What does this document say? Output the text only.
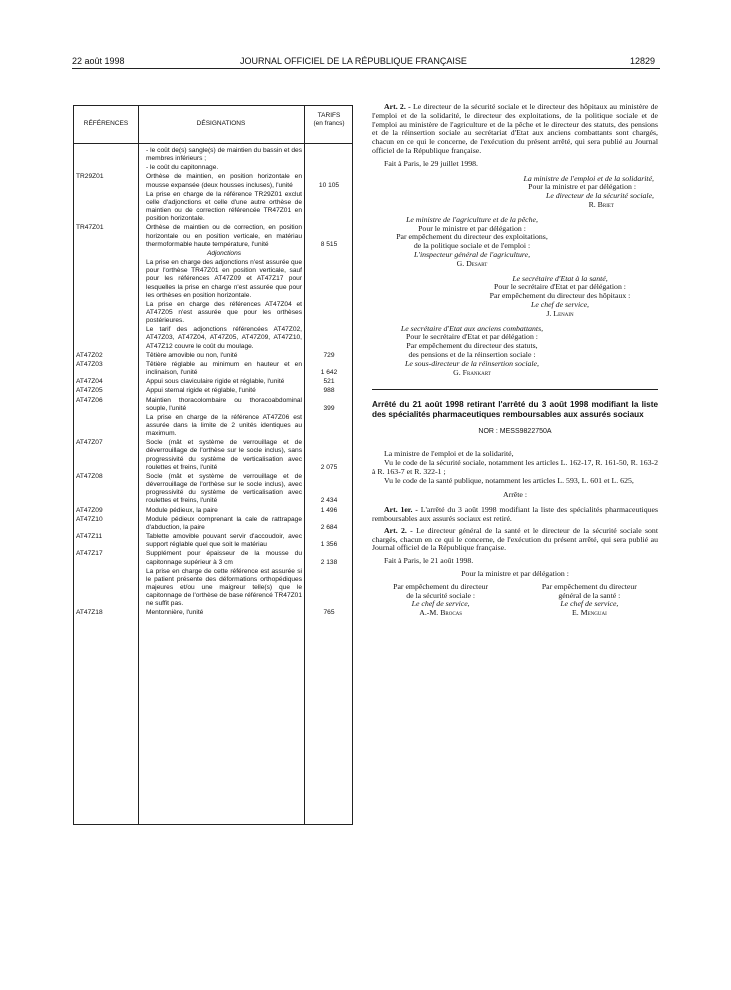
22 août 1998	JOURNAL OFFICIEL DE LA RÉPUBLIQUE FRANÇAISE	12829
RÉFÉRENCES	DÉSIGNATIONS
TARIFS
(en francs)
- le coût de(s) sangle(s) de maintien du bassin et des membres inférieurs ;
- le coût du capitonnage.
TR29Z01	Orthèse de maintien, en position horizontale en mousse expansée (deux housses incluses), l'unité	10 105
La prise en charge de la référence TR29Z01 exclut celle d'adjonctions et celle d'une autre orthèse de maintien ou de correction référencée TR47Z01 en position horizontale.
TR47Z01	Orthèse de maintien ou de correction, en position horizontale ou en position verticale, en matériau thermoformable haute température, l'unité	8 515
Adjonctions
La prise en charge des adjonctions n'est assurée que pour l'orthèse TR47Z01 en position verticale, sauf pour les références AT47Z09 et AT47Z17 pour lesquelles la prise en charge n'est assurée que pour les orthèses en position horizontale.
La prise en charge des références AT47Z04 et AT47Z05 n'est assurée que pour les orthèses postérieures.
Le tarif des adjonctions référencées AT47Z02, AT47Z03, AT47Z04, AT47Z05, AT47Z09, AT47Z10, AT47Z12 couvre le coût du moulage.
AT47Z02	Têtière amovible ou non, l'unité	729
AT47Z03	Têtière réglable au minimum en hauteur et en inclinaison, l'unité	1 642
AT47Z04	Appui sous claviculaire rigide et réglable, l'unité	521
AT47Z05	Appui sternal rigide et réglable, l'unité	988
AT47Z06	Maintien thoracolombaire ou thoracoabdominal souple, l'unité	399
La prise en charge de la référence AT47Z06 est assurée dans la limite de 2 unités identiques au maximum.
AT47Z07	Socle (mât et système de verrouillage et de déverrouillage de l'orthèse sur le socle inclus), sans progressivité du système de verticalisation avec roulettes et freins, l'unité	2 075
AT47Z08	Socle (mât et système de verrouillage et de déverrouillage de l'orthèse sur le socle inclus), avec progressivité du système de verticalisation avec roulettes et freins, l'unité	2 434
AT47Z09	Module pédieux, la paire	1 496
AT47Z10	Module pédieux comprenant la cale de rattrapage d'abduction, la paire	2 684
AT47Z11	Tablette amovible pouvant servir d'accoudoir, avec support réglable quel que soit le matériau	1 356
AT47Z17	Supplément pour épaisseur de la mousse du capitonnage supérieur à 3 cm	2 138
La prise en charge de cette référence est assurée si le patient présente des déformations orthopédiques majeures et/ou une maigreur telle(s) que le capitonnage de l'orthèse de base référencé TR47Z01 ne suffit pas.
AT47Z18	Mentonnière, l'unité	765

Art. 2. - Le directeur de la sécurité sociale et le directeur des hôpitaux au ministère de l'emploi et de la solidarité, le directeur des exploitations, de la politique sociale et de l'emploi au ministère de l'agriculture et de la pêche et le directeur des statuts, des pensions et de la réinsertion sociale au secrétariat d'Etat aux anciens combattants sont chargés, chacun en ce qui le concerne, de l'exécution du présent arrêté, qui sera publié au Journal officiel de la République française.

Fait à Paris, le 29 juillet 1998.

La ministre de l'emploi et de la solidarité,
Pour la ministre et par délégation :
Le directeur de la sécurité sociale,
R. Briet
Le ministre de l'agriculture et de la pêche,
Pour le ministre et par délégation :
Par empêchement du directeur des exploitations,
de la politique sociale et de l'emploi :
L'inspecteur général de l'agriculture,
G. Desart
Le secrétaire d'Etat à la santé,
Pour le secrétaire d'Etat et par délégation :
Par empêchement du directeur des hôpitaux :
Le chef de service,
J. Lenain
Le secrétaire d'Etat aux anciens combattants,
Pour le secrétaire d'Etat et par délégation :
Par empêchement du directeur des statuts,
des pensions et de la réinsertion sociale :
Le sous-directeur de la réinsertion sociale,
G. Frankart
Arrêté du 21 août 1998 retirant l'arrêté du 3 août 1998 modifiant la liste des spécialités pharmaceutiques remboursables aux assurés sociaux
NOR : MESS9822750A

La ministre de l'emploi et de la solidarité,

Vu le code de la sécurité sociale, notamment les articles L. 162-17, R. 161-50, R. 163-2 à R. 163-7 et R. 322-1 ;

Vu le code de la santé publique, notamment les articles L. 593, L. 601 et L. 625,

Arrête :

Art. 1er. - L'arrêté du 3 août 1998 modifiant la liste des spécialités pharmaceutiques remboursables aux assurés sociaux est retiré.

Art. 2. - Le directeur général de la santé et le directeur de la sécurité sociale sont chargés, chacun en ce qui le concerne, de l'exécution du présent arrêté, qui sera publié au Journal officiel de la République française.

Fait à Paris, le 21 août 1998.

Pour la ministre et par délégation :

Par empêchement du directeur
de la sécurité sociale :
Le chef de service,
A.-M. Brocas
Par empêchement du directeur
général de la santé :
Le chef de service,
E. Menguai
